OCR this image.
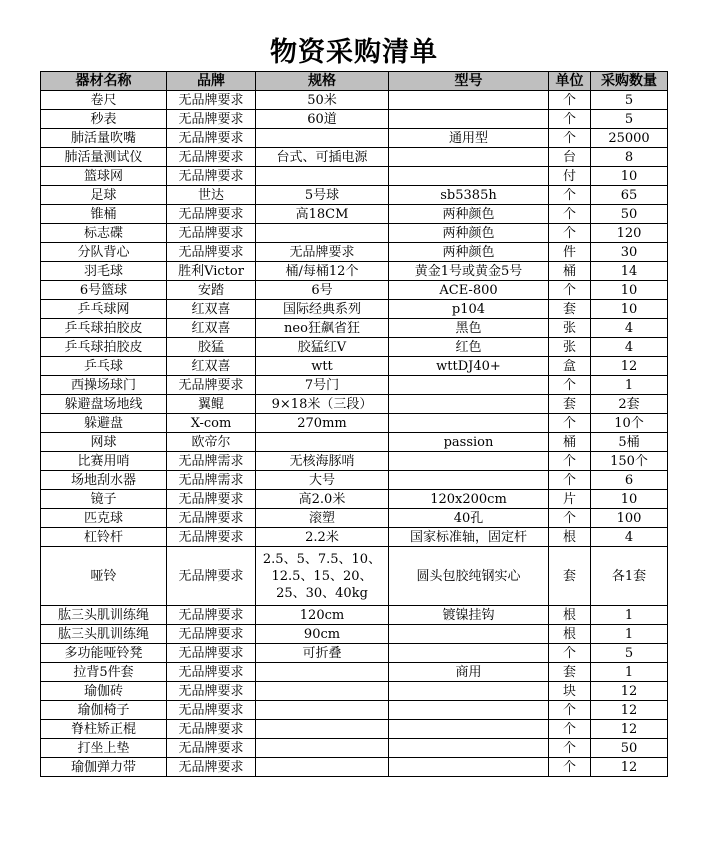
物资采购清单
器材名称	品牌	规格	型号	单位	采购数量
卷尺	无品牌要求	50米		个	5
秒表	无品牌要求	60道		个	5
肺活量吹嘴	无品牌要求		通用型	个	25000
肺活量测试仪	无品牌要求	台式、可插电源		台	8
篮球网	无品牌要求			付	10
足球	世达	5号球	sb5385h	个	65
锥桶	无品牌要求	高18CM	两种颜色	个	50
标志碟	无品牌要求		两种颜色	个	120
分队背心	无品牌要求	无品牌要求	两种颜色	件	30
羽毛球	胜利Victor	桶/每桶12个	黄金1号或黄金5号	桶	14
6号篮球	安踏	6号	ACE-800	个	10
乒乓球网	红双喜	国际经典系列	p104	套	10
乒乓球拍胶皮	红双喜	neo狂飙省狂	黑色	张	4
乒乓球拍胶皮	胶猛	胶猛红V	红色	张	4
乒乓球	红双喜	wtt	wttDJ40+	盒	12
西操场球门	无品牌要求	7号门		个	1
躲避盘场地线	翼鲲	9×18米（三段）		套	2套
躲避盘	X-com	270mm		个	10个
网球	欧帝尔		passion	桶	5桶
比赛用哨	无品牌需求	无核海豚哨		个	150个
场地刮水器	无品牌需求	大号		个	6
镜子	无品牌要求	高2.0米	120x200cm	片	10
匹克球	无品牌要求	滚塑	40孔	个	100
杠铃杆	无品牌要求	2.2米	国家标准轴，固定杆	根	4
哑铃	无品牌要求	2.5、5、7.5、10、12.5、15、20、25、30、40kg	圆头包胶纯钢实心	套	各1套
肱三头肌训练绳	无品牌要求	120cm	镀镍挂钩	根	1
肱三头肌训练绳	无品牌要求	90cm		根	1
多功能哑铃凳	无品牌要求	可折叠		个	5
拉背5件套	无品牌要求		商用	套	1
瑜伽砖	无品牌要求			块	12
瑜伽椅子	无品牌要求			个	12
脊柱矫正棍	无品牌要求			个	12
打坐上垫	无品牌要求			个	50
瑜伽弹力带	无品牌要求			个	12
